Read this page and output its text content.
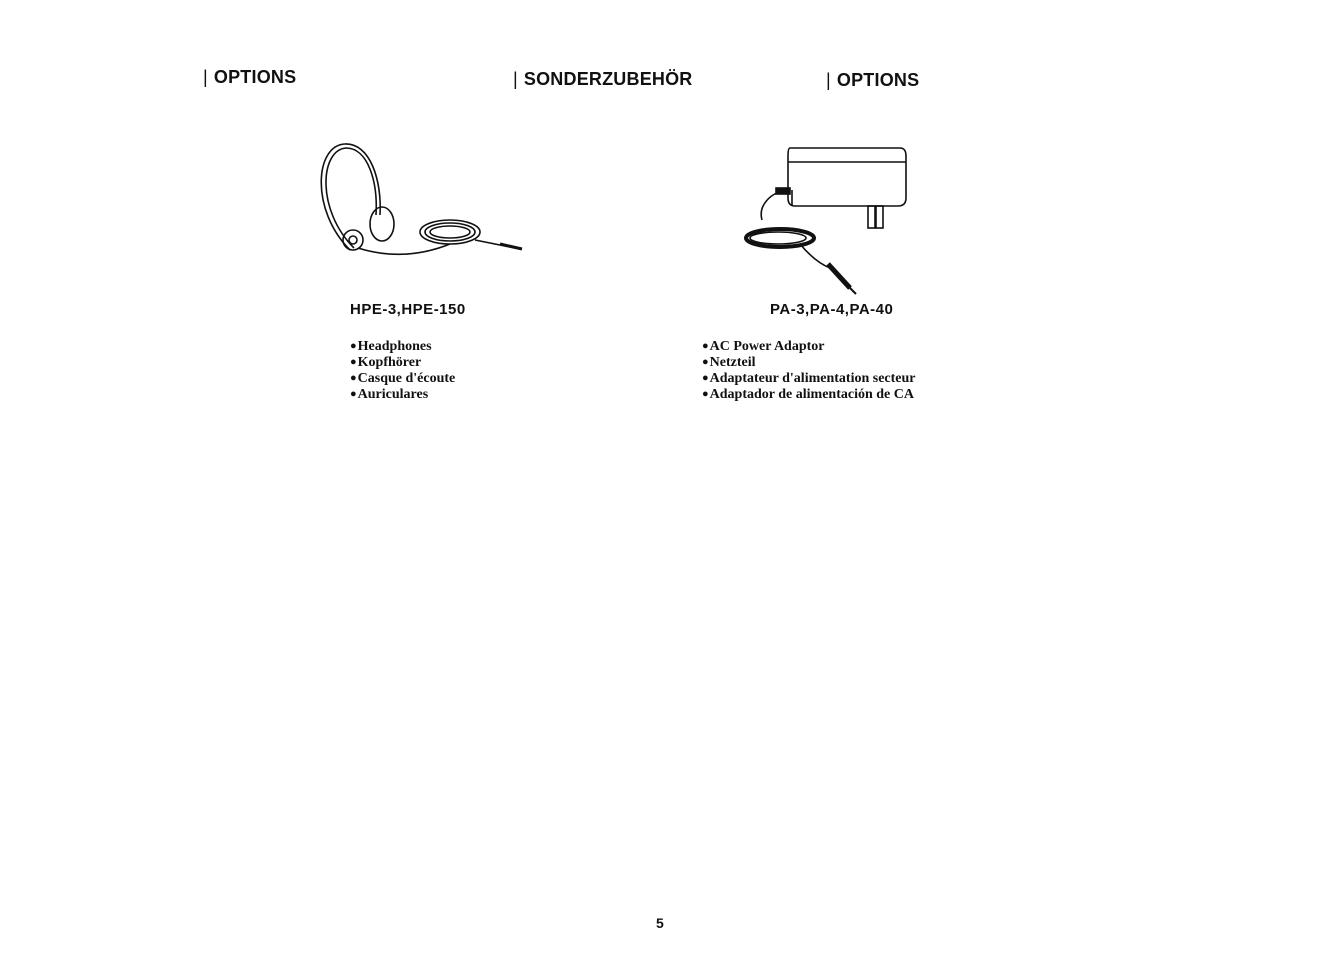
| OPTIONS	| SONDERZUBEHÖR	| OPTIONS
HPE-3,HPE-150	PA-3,PA-4,PA-40
● Headphones
● Kopfhörer
● Casque d'écoute
● Auriculares
● AC Power Adaptor
● Netzteil
● Adaptateur d'alimentation secteur
● Adaptador de alimentación de CA
5
